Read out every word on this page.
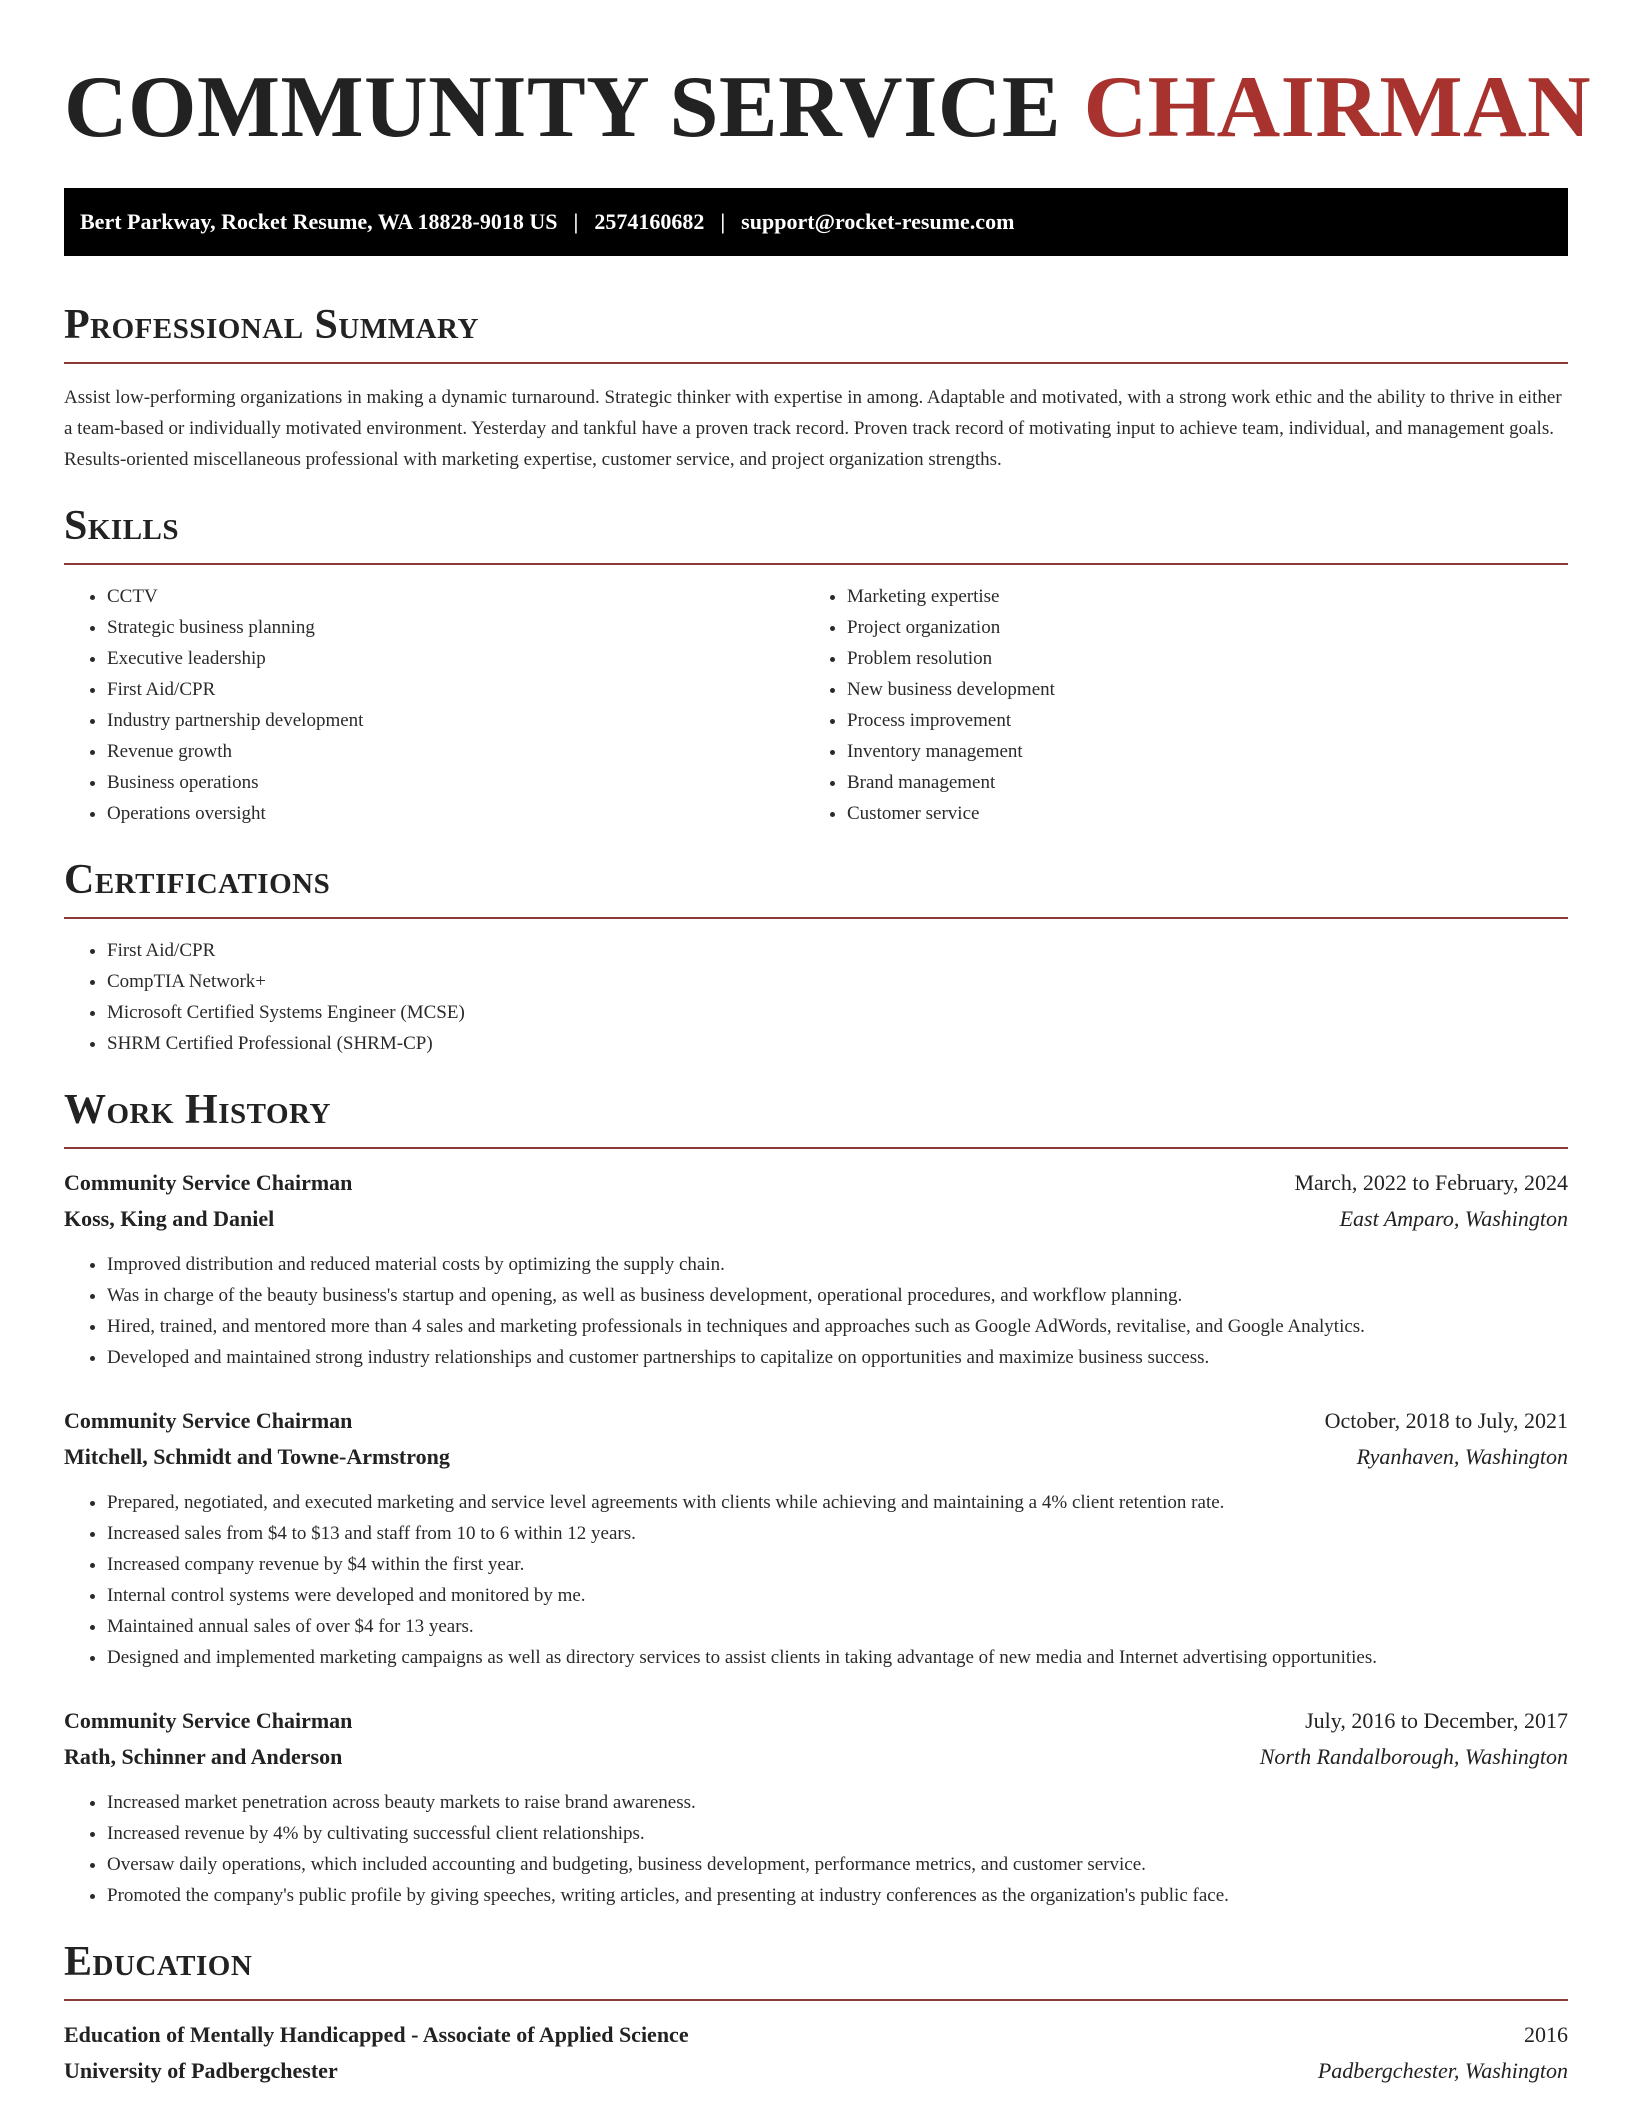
COMMUNITY SERVICE CHAIRMAN
Bert Parkway, Rocket Resume, WA 18828-9018 US | 2574160682 | support@rocket-resume.com
Professional Summary

Assist low-performing organizations in making a dynamic turnaround. Strategic thinker with expertise in among. Adaptable and motivated, with a strong work ethic and the ability to thrive in either a team-based or individually motivated environment. Yesterday and tankful have a proven track record. Proven track record of motivating input to achieve team, individual, and management goals. Results-oriented miscellaneous professional with marketing expertise, customer service, and project organization strengths.

Skills
• CCTV
• Strategic business planning
• Executive leadership
• First Aid/CPR
• Industry partnership development
• Revenue growth
• Business operations
• Operations oversight
• Marketing expertise
• Project organization
• Problem resolution
• New business development
• Process improvement
• Inventory management
• Brand management
• Customer service
Certifications
• First Aid/CPR
• CompTIA Network+
• Microsoft Certified Systems Engineer (MCSE)
• SHRM Certified Professional (SHRM-CP)
Work History
Community Service Chairman	March, 2022 to February, 2024
Koss, King and Daniel	East Amparo, Washington
• Improved distribution and reduced material costs by optimizing the supply chain.
• Was in charge of the beauty business's startup and opening, as well as business development, operational procedures, and workflow planning.
• Hired, trained, and mentored more than 4 sales and marketing professionals in techniques and approaches such as Google AdWords, revitalise, and Google Analytics.
• Developed and maintained strong industry relationships and customer partnerships to capitalize on opportunities and maximize business success.
Community Service Chairman	October, 2018 to July, 2021
Mitchell, Schmidt and Towne-Armstrong	Ryanhaven, Washington
• Prepared, negotiated, and executed marketing and service level agreements with clients while achieving and maintaining a 4% client retention rate.
• Increased sales from $4 to $13 and staff from 10 to 6 within 12 years.
• Increased company revenue by $4 within the first year.
• Internal control systems were developed and monitored by me.
• Maintained annual sales of over $4 for 13 years.
• Designed and implemented marketing campaigns as well as directory services to assist clients in taking advantage of new media and Internet advertising opportunities.
Community Service Chairman	July, 2016 to December, 2017
Rath, Schinner and Anderson	North Randalborough, Washington
• Increased market penetration across beauty markets to raise brand awareness.
• Increased revenue by 4% by cultivating successful client relationships.
• Oversaw daily operations, which included accounting and budgeting, business development, performance metrics, and customer service.
• Promoted the company's public profile by giving speeches, writing articles, and presenting at industry conferences as the organization's public face.
Education
Education of Mentally Handicapped - Associate of Applied Science	2016
University of Padbergchester	Padbergchester, Washington
